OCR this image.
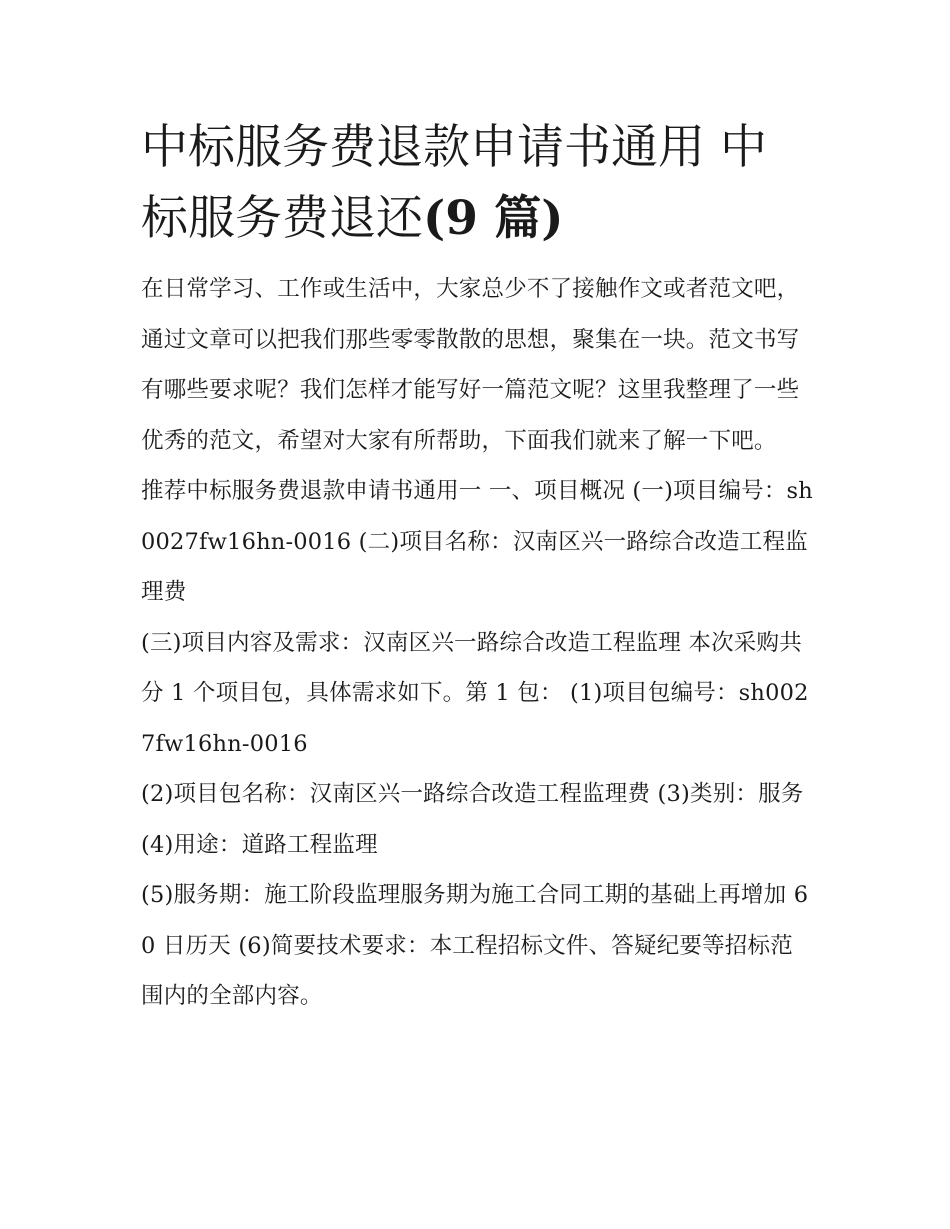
中标服务费退款申请书通用 中标服务费退还(9 篇)

在日常学习、工作或生活中，大家总少不了接触作文或者范文吧，通过文章可以把我们那些零零散散的思想，聚集在一块。范文书写有哪些要求呢？我们怎样才能写好一篇范文呢？这里我整理了一些优秀的范文，希望对大家有所帮助，下面我们就来了解一下吧。

推荐中标服务费退款申请书通用一 一、项目概况 (一)项目编号：sh0027fw16hn-0016 (二)项目名称：汉南区兴一路综合改造工程监理费

(三)项目内容及需求：汉南区兴一路综合改造工程监理 本次采购共分 1 个项目包，具体需求如下。第 1 包： (1)项目包编号：sh0027fw16hn-0016

(2)项目包名称：汉南区兴一路综合改造工程监理费 (3)类别：服务 (4)用途：道路工程监理

(5)服务期：施工阶段监理服务期为施工合同工期的基础上再增加 60 日历天 (6)简要技术要求：本工程招标文件、答疑纪要等招标范围内的全部内容。
